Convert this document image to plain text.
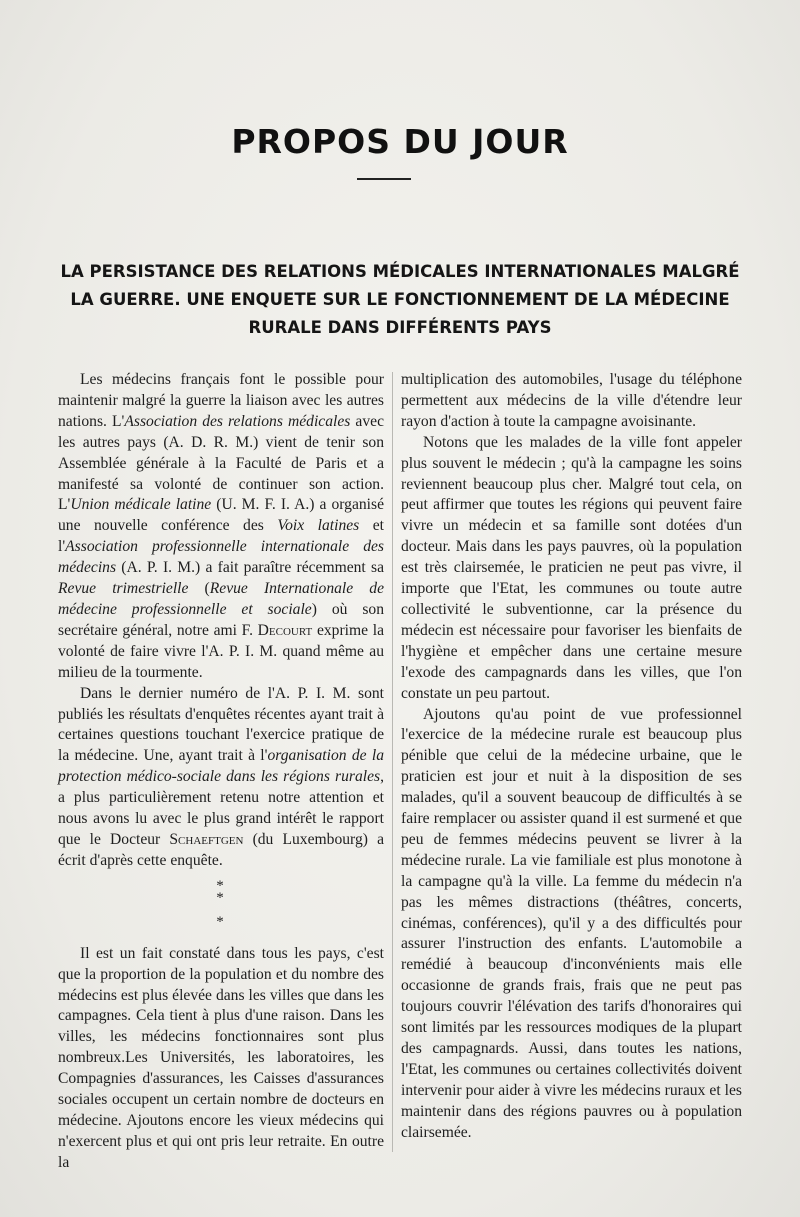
PROPOS DU JOUR
LA PERSISTANCE DES RELATIONS MÉDICALES INTERNATIONALES MALGRÉ LA GUERRE. UNE ENQUETE SUR LE FONCTIONNEMENT DE LA MÉDECINE RURALE DANS DIFFÉRENTS PAYS

Les médecins français font le possible pour maintenir malgré la guerre la liaison avec les autres nations. L'Association des relations médicales avec les autres pays (A. D. R. M.) vient de tenir son Assemblée générale à la Faculté de Paris et a manifesté sa volonté de continuer son action. L'Union médicale latine (U. M. F. I. A.) a organisé une nouvelle conférence des Voix latines et l'Association professionnelle internationale des médecins (A. P. I. M.) a fait paraître récemment sa Revue trimestrielle (Revue Internationale de médecine professionnelle et sociale) où son secrétaire général, notre ami F. Decourt exprime la volonté de faire vivre l'A. P. I. M. quand même au milieu de la tourmente.

Dans le dernier numéro de l'A. P. I. M. sont publiés les résultats d'enquêtes récentes ayant trait à certaines questions touchant l'exercice pratique de la médecine. Une, ayant trait à l'organisation de la protection médico-sociale dans les régions rurales, a plus particulièrement retenu notre attention et nous avons lu avec le plus grand intérêt le rapport que le Docteur Schaeftgen (du Luxembourg) a écrit d'après cette enquête.

*
*

*

Il est un fait constaté dans tous les pays, c'est que la proportion de la population et du nombre des médecins est plus élevée dans les villes que dans les campagnes. Cela tient à plus d'une raison. Dans les villes, les médecins fonctionnaires sont plus nombreux.Les Universités, les laboratoires, les Compagnies d'assurances, les Caisses d'assurances sociales occupent un certain nombre de docteurs en médecine. Ajoutons encore les vieux médecins qui n'exercent plus et qui ont pris leur retraite. En outre la

multiplication des automobiles, l'usage du téléphone permettent aux médecins de la ville d'étendre leur rayon d'action à toute la campagne avoisinante.

Notons que les malades de la ville font appeler plus souvent le médecin ; qu'à la campagne les soins reviennent beaucoup plus cher. Malgré tout cela, on peut affirmer que toutes les régions qui peuvent faire vivre un médecin et sa famille sont dotées d'un docteur. Mais dans les pays pauvres, où la population est très clairsemée, le praticien ne peut pas vivre, il importe que l'Etat, les communes ou toute autre collectivité le subventionne, car la présence du médecin est nécessaire pour favoriser les bienfaits de l'hygiène et empêcher dans une certaine mesure l'exode des campagnards dans les villes, que l'on constate un peu partout.

Ajoutons qu'au point de vue professionnel l'exercice de la médecine rurale est beaucoup plus pénible que celui de la médecine urbaine, que le praticien est jour et nuit à la disposition de ses malades, qu'il a souvent beaucoup de difficultés à se faire remplacer ou assister quand il est surmené et que peu de femmes médecins peuvent se livrer à la médecine rurale. La vie familiale est plus monotone à la campagne qu'à la ville. La femme du médecin n'a pas les mêmes distractions (théâtres, concerts, cinémas, conférences), qu'il y a des difficultés pour assurer l'instruction des enfants. L'automobile a remédié à beaucoup d'inconvénients mais elle occasionne de grands frais, frais que ne peut pas toujours couvrir l'élévation des tarifs d'honoraires qui sont limités par les ressources modiques de la plupart des campagnards. Aussi, dans toutes les nations, l'Etat, les communes ou certaines collectivités doivent intervenir pour aider à vivre les médecins ruraux et les maintenir dans des régions pauvres ou à population clairsemée.
